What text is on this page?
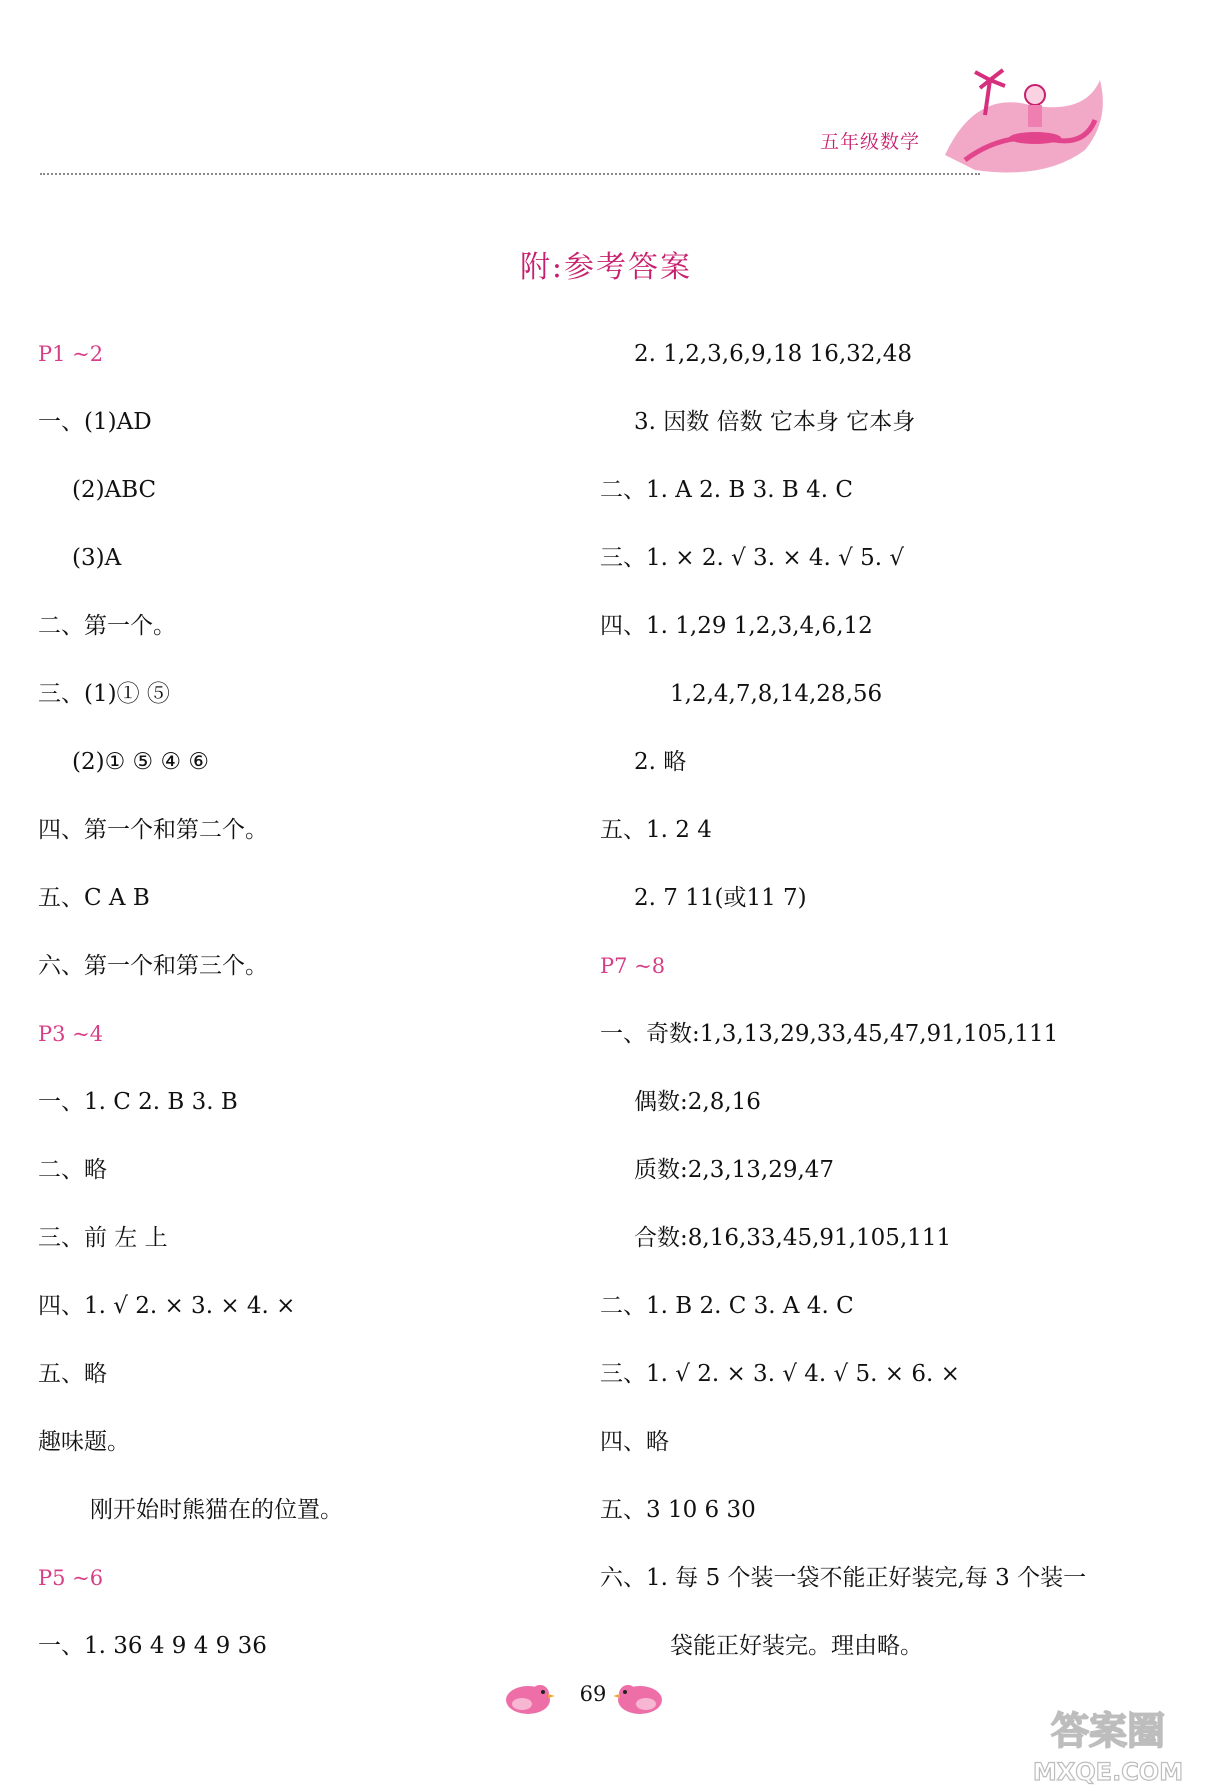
五年级数学
附:参考答案
P1 ~2
一、(1)AD
(2)ABC
(3)A
二、第一个。
三、(1)① ⑤
(2)① ⑤ ④ ⑥
四、第一个和第二个。
五、C A B
六、第一个和第三个。
P3 ~4
一、1. C 2. B 3. B
二、略
三、前 左 上
四、1. √ 2. × 3. × 4. ×
五、略
趣味题。
刚开始时熊猫在的位置。
P5 ~6
一、1. 36 4 9 4 9 36
2. 1,2,3,6,9,18 16,32,48
3. 因数 倍数 它本身 它本身
二、1. A 2. B 3. B 4. C
三、1. × 2. √ 3. × 4. √ 5. √
四、1. 1,29 1,2,3,4,6,12
1,2,4,7,8,14,28,56
2. 略
五、1. 2 4
2. 7 11(或11 7)
P7 ~8
一、奇数:1,3,13,29,33,45,47,91,105,111
偶数:2,8,16
质数:2,3,13,29,47
合数:8,16,33,45,91,105,111
二、1. B 2. C 3. A 4. C
三、1. √ 2. × 3. √ 4. √ 5. × 6. ×
四、略
五、3 10 6 30
六、1. 每 5 个装一袋不能正好装完,每 3 个装一
袋能正好装完。理由略。
69
答案圈
MXQE.COM
